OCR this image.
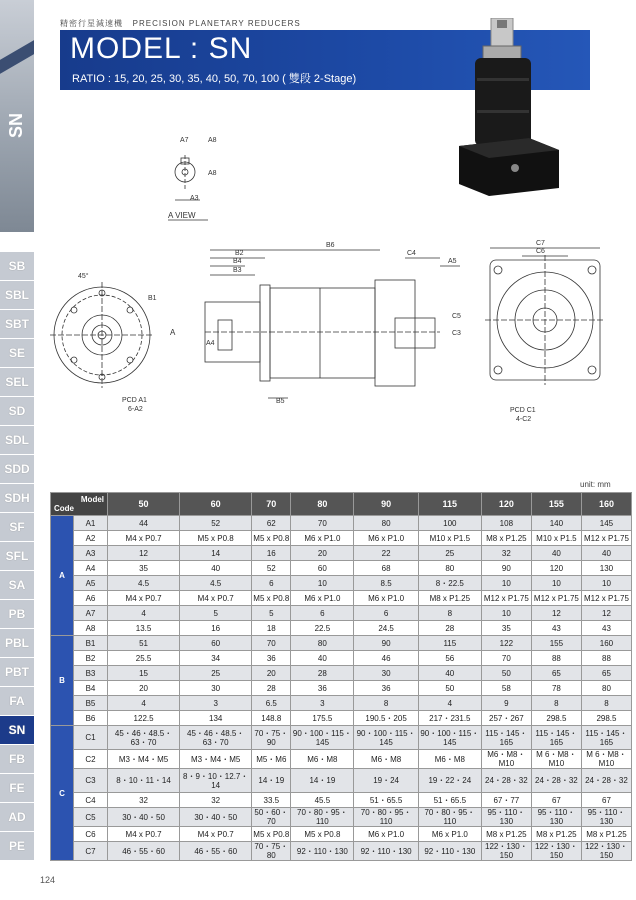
SN
SB
SBL
SBT
SE
SEL
SD
SDL
SDD
SDH
SF
SFL
SA
PB
PBL
PBT
FA
SN
FB
FE
AD
PE
精密行星減速機 PRECISION PLANETARY REDUCERS
MODEL : SN
RATIO : 15, 20, 25, 30, 35, 40, 50, 70, 100 ( 雙段 2-Stage)
A7	A8
A8
A3
A VIEW
45°
B1
PCD A1
6-A2
B6
B2
B4
B3
A
A4
B5
C4
A5
C5
C3
C7
C6
PCD C1
4-C2
unit: mm
Model
Code		50	60	70	80	90	115	120	155	160
A	A1	44	52	62	70	80	100	108	140	145
	A2	M4 x P0.7	M5 x P0.8	M5 x P0.8	M6 x P1.0	M6 x P1.0	M10 x P1.5	M8 x P1.25	M10 x P1.5	M12 x P1.75
	A3	12	14	16	20	22	25	32	40	40
	A4	35	40	52	60	68	80	90	120	130
	A5	4.5	4.5	6	10	8.5	8・22.5	10	10	10
	A6	M4 x P0.7	M4 x P0.7	M5 x P0.8	M6 x P1.0	M6 x P1.0	M8 x P1.25	M12 x P1.75	M12 x P1.75	M12 x P1.75
	A7	4	5	5	6	6	8	10	12	12
	A8	13.5	16	18	22.5	24.5	28	35	43	43
B	B1	51	60	70	80	90	115	122	155	160
	B2	25.5	34	36	40	46	56	70	88	88
	B3	15	25	20	28	30	40	50	65	65
	B4	20	30	28	36	36	50	58	78	80
	B5	4	3	6.5	3	8	4	9	8	8
	B6	122.5	134	148.8	175.5	190.5・205	217・231.5	257・267	298.5	298.5
C	C1	45・46・48.5・63・70	45・46・48.5・63・70	70・75・90	90・100・115・145	90・100・115・145	90・100・115・145	115・145・165	115・145・165	115・145・165
	C2	M3・M4・M5	M3・M4・M5	M5・M6	M6・M8	M6・M8	M6・M8	M6・M8・M10	M 6・M8・M10	M 6・M8・M10
	C3	8・10・11・14	8・9・10・12.7・14	14・19	14・19	19・24	19・22・24	24・28・32	24・28・32	24・28・32
	C4	32	32	33.5	45.5	51・65.5	51・65.5	67・77	67	67
	C5	30・40・50	30・40・50	50・60・70	70・80・95・110	70・80・95・110	70・80・95・110	95・110・130	95・110・130	95・110・130
	C6	M4 x P0.7	M4 x P0.7	M5 x P0.8	M5 x P0.8	M6 x P1.0	M6 x P1.0	M8 x P1.25	M8 x P1.25	M8 x P1.25
	C7	46・55・60	46・55・60	70・75・80	92・110・130	92・110・130	92・110・130	122・130・150	122・130・150	122・130・150
124
